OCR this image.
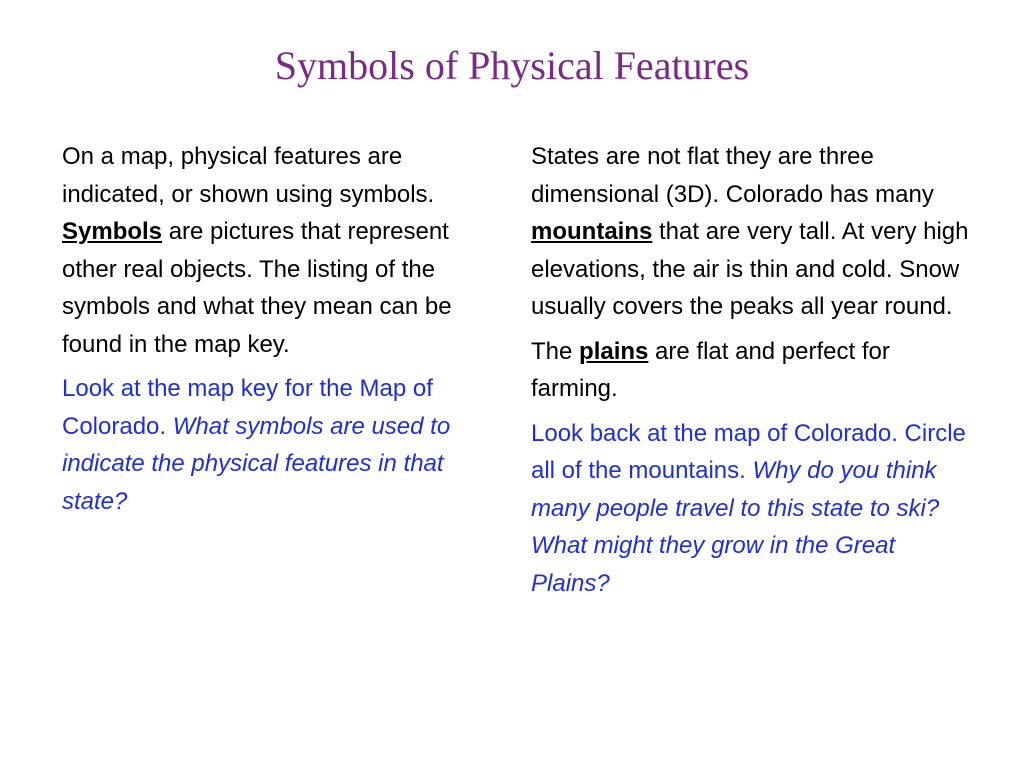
Symbols of Physical Features

On a map, physical features are indicated, or shown using symbols. Symbols are pictures that represent other real objects. The listing of the symbols and what they mean can be found in the map key.

Look at the map key for the Map of Colorado. What symbols are used to indicate the physical features in that state?

States are not flat they are three dimensional (3D). Colorado has many mountains that are very tall. At very high elevations, the air is thin and cold. Snow usually covers the peaks all year round.

The plains are flat and perfect for farming.

Look back at the map of Colorado. Circle all of the mountains. Why do you think many people travel to this state to ski? What might they grow in the Great Plains?
